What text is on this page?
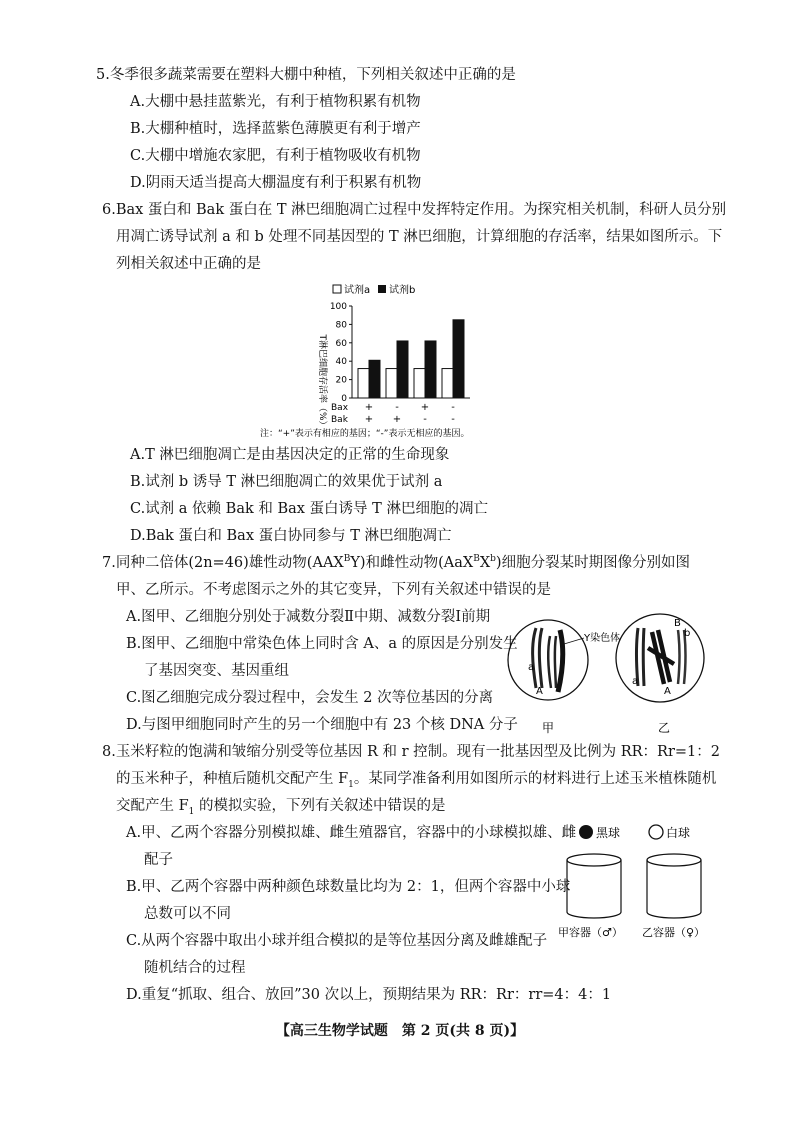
5.冬季很多蔬菜需要在塑料大棚中种植，下列相关叙述中正确的是
A.大棚中悬挂蓝紫光，有利于植物积累有机物
B.大棚种植时，选择蓝紫色薄膜更有利于增产
C.大棚中增施农家肥，有利于植物吸收有机物
D.阴雨天适当提高大棚温度有利于积累有机物
6.Bax 蛋白和 Bak 蛋白在 T 淋巴细胞凋亡过程中发挥特定作用。为探究相关机制，科研人员分别
用凋亡诱导试剂 a 和 b 处理不同基因型的 T 淋巴细胞，计算细胞的存活率，结果如图所示。下
列相关叙述中正确的是
试剂a 试剂b
T淋巴细胞存活率（%） 0
20
40
60
80
100
+
+
-
+
+
-
-
-
Bax
Bak
注：“+”表示有相应的基因；“-”表示无相应的基因。
A.T 淋巴细胞凋亡是由基因决定的正常的生命现象
B.试剂 b 诱导 T 淋巴细胞凋亡的效果优于试剂 a
C.试剂 a 依赖 Bak 和 Bax 蛋白诱导 T 淋巴细胞的凋亡
D.Bak 蛋白和 Bax 蛋白协同参与 T 淋巴细胞凋亡
7.同种二倍体(2n=46)雄性动物$(AAX^BY)$和雌性动物$(AaX^BX^b)$细胞分裂某时期图像分别如图
甲、乙所示。不考虑图示之外的其它变异，下列有关叙述中错误的是
A.图甲、乙细胞分别处于减数分裂Ⅱ中期、减数分裂Ⅰ前期
B.图甲、乙细胞中常染色体上同时含 A、a 的原因是分别发生
了基因突变、基因重组
C.图乙细胞完成分裂过程中，会发生 2 次等位基因的分离
D.与图甲细胞同时产生的另一个细胞中有 23 个核 DNA 分子
a
A
Y染色体
甲
B
b
a
A
乙
8.玉米籽粒的饱满和皱缩分别受等位基因 R 和 r 控制。现有一批基因型及比例为 RR：Rr=1：2
的玉米种子，种植后随机交配产生 $F_1$。某同学准备利用如图所示的材料进行上述玉米植株随机
交配产生 $F_1$ 的模拟实验，下列有关叙述中错误的是
A.甲、乙两个容器分别模拟雄、雌生殖器官，容器中的小球模拟雄、雌
配子
B.甲、乙两个容器中两种颜色球数量比均为 2：1，但两个容器中小球
总数可以不同
C.从两个容器中取出小球并组合模拟的是等位基因分离及雌雄配子
随机结合的过程
D.重复“抓取、组合、放回”30 次以上，预期结果为 RR：Rr：rr=4：4：1
黑球	白球
甲容器（♂） 乙容器（♀）
【高三生物学试题　第 2 页(共 8 页)】
